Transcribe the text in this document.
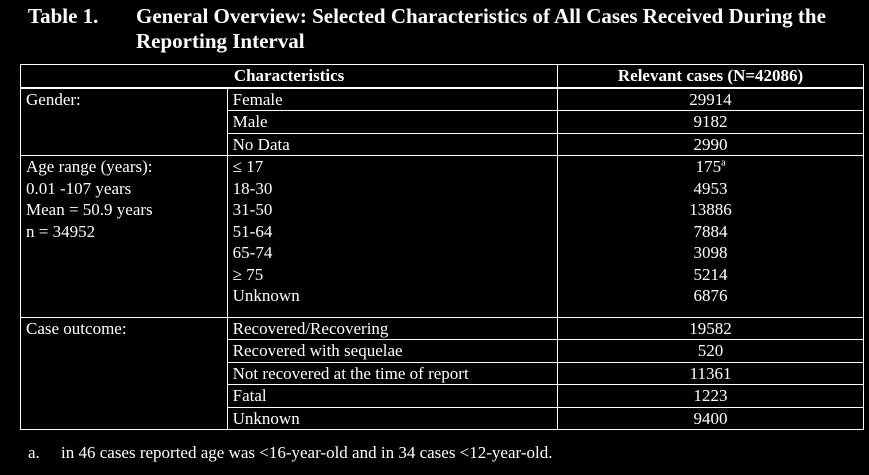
Table 1. General Overview: Selected Characteristics of All Cases Received During the Reporting Interval
Characteristics		Relevant cases (N=42086)
Gender:	Female	29914
	Male	9182
	No Data	2990

Age range (years):
0.01 -107 years
Mean = 50.9 years
n = 34952	≤ 17	175$^a$
	18-30	4953
	31-50	13886
	51-64	7884
	65-74	3098
	≥ 75	5214
	Unknown	6876

Case outcome:	Recovered/Recovering	19582
	Recovered with sequelae	520
	Not recovered at the time of report	11361
	Fatal	1223
	Unknown	9400
a. in 46 cases reported age was <16-year-old and in 34 cases <12-year-old.
